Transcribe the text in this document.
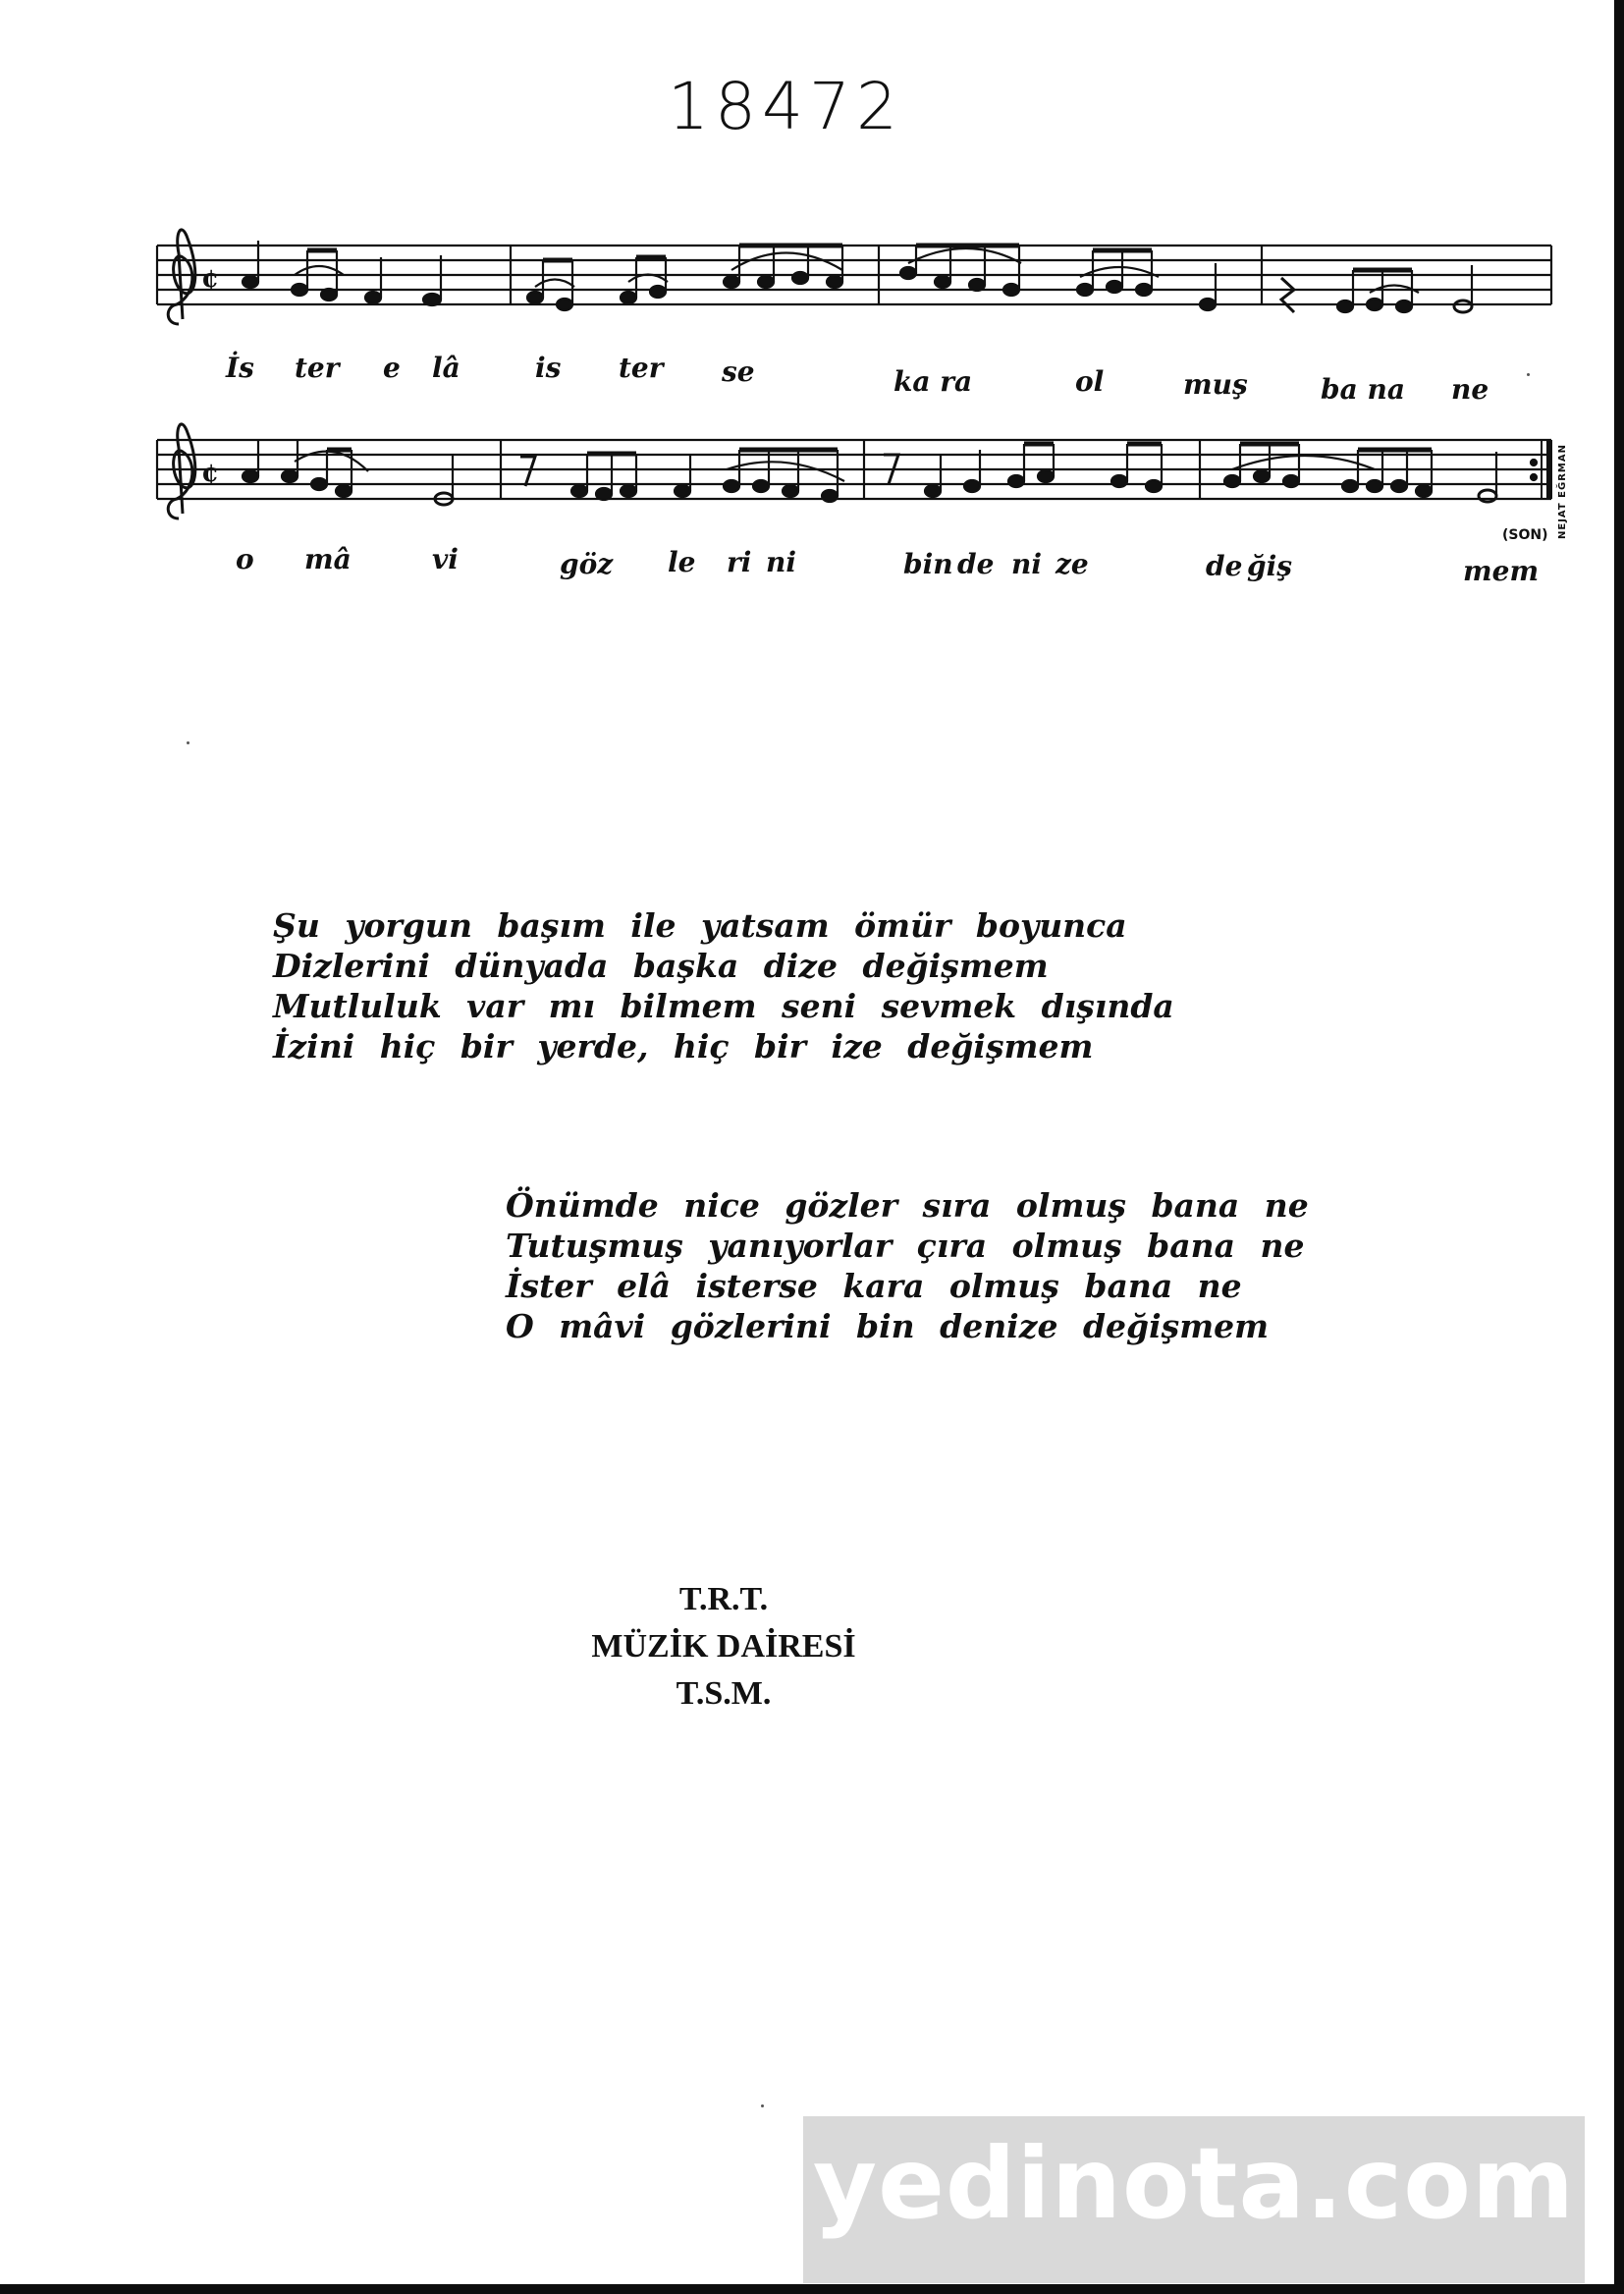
18472
¢
¢
İs ter e lâ	is ter se	ka ra	ol	muş	ba na ne
o mâ	vi	göz le ri ni	bin de ni ze	de ğiş	mem
(SON) NEJAT EĞRMAN
Şu yorgun başım ile yatsam ömür boyunca
Dizlerini dünyada başka dize değişmem
Mutluluk var mı bilmem seni sevmek dışında
İzini hiç bir yerde, hiç bir ize değişmem
Önümde nice gözler sıra olmuş bana ne
Tutuşmuş yanıyorlar çıra olmuş bana ne
İster elâ isterse kara olmuş bana ne
O mâvi gözlerini bin denize değişmem
T.R.T.
MÜZİK DAİRESİ
T.S.M.
yedinota.com
